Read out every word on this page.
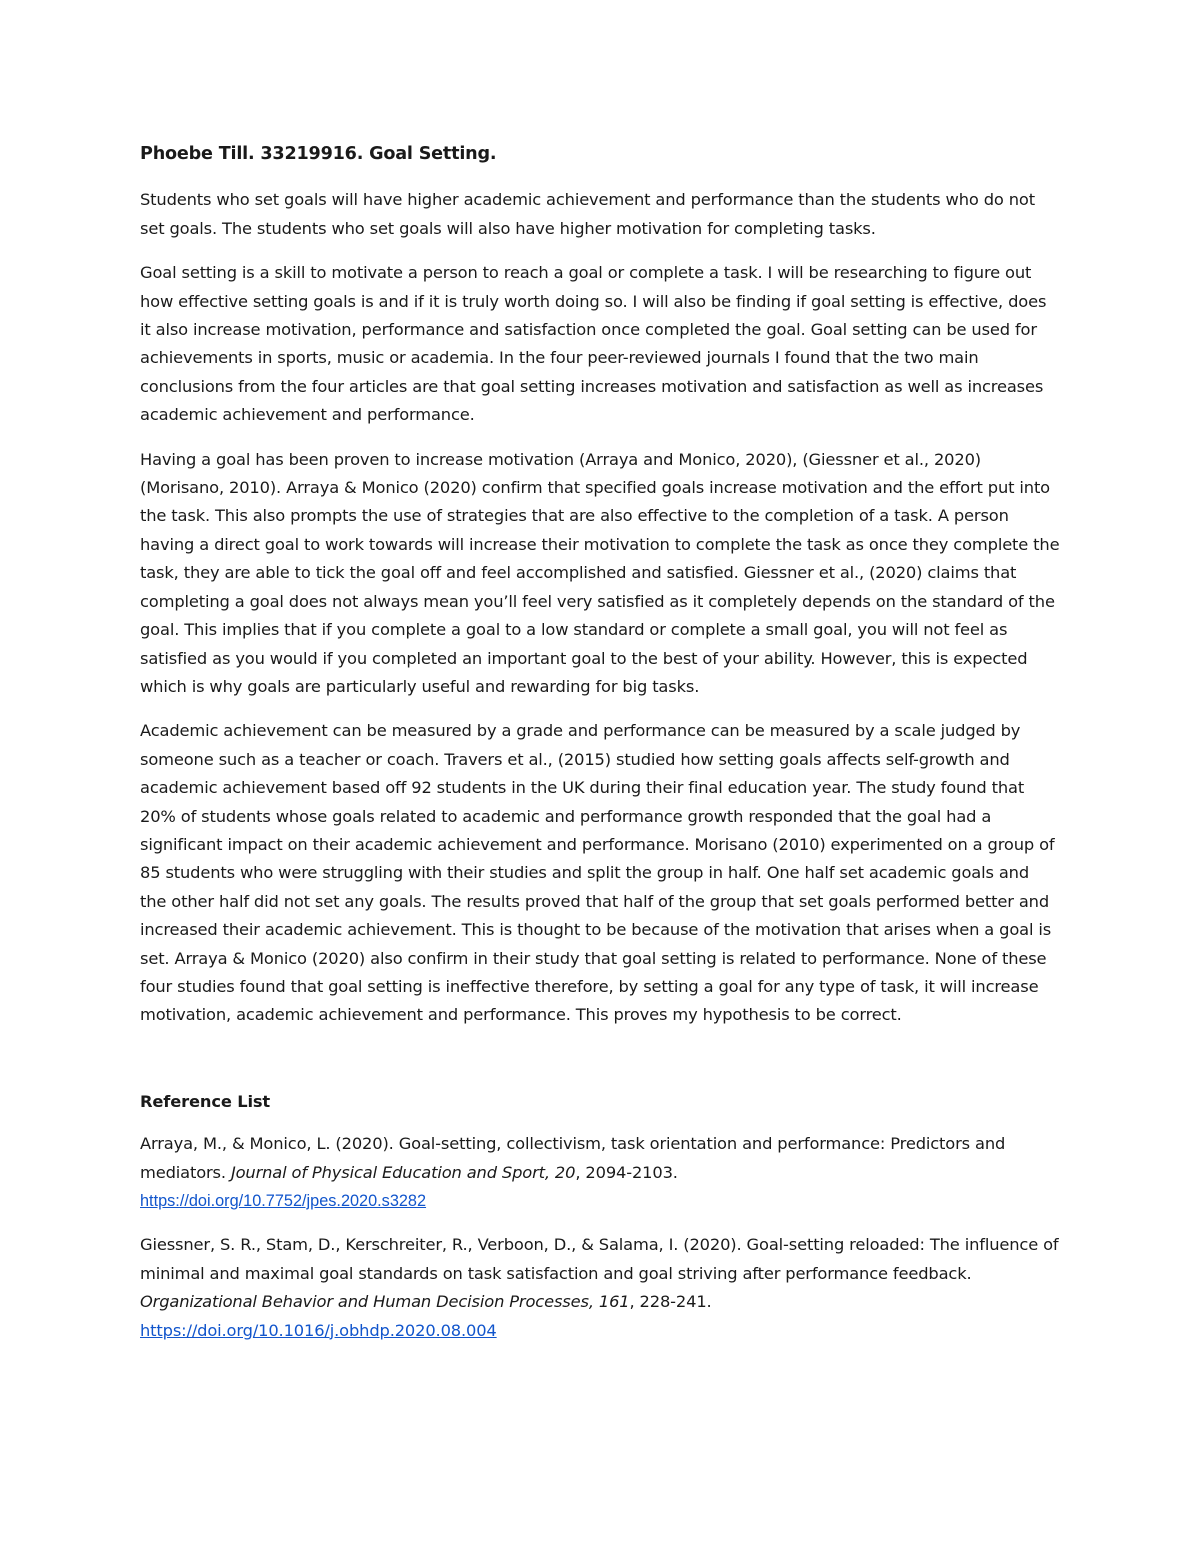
Phoebe Till. 33219916. Goal Setting.

Students who set goals will have higher academic achievement and performance than the students who do not set goals. The students who set goals will also have higher motivation for completing tasks.

Goal setting is a skill to motivate a person to reach a goal or complete a task. I will be researching to figure out how effective setting goals is and if it is truly worth doing so. I will also be finding if goal setting is effective, does it also increase motivation, performance and satisfaction once completed the goal. Goal setting can be used for achievements in sports, music or academia. In the four peer-reviewed journals I found that the two main conclusions from the four articles are that goal setting increases motivation and satisfaction as well as increases academic achievement and performance.

Having a goal has been proven to increase motivation (Arraya and Monico, 2020), (Giessner et al., 2020) (Morisano, 2010). Arraya & Monico (2020) confirm that specified goals increase motivation and the effort put into the task. This also prompts the use of strategies that are also effective to the completion of a task. A person having a direct goal to work towards will increase their motivation to complete the task as once they complete the task, they are able to tick the goal off and feel accomplished and satisfied. Giessner et al., (2020) claims that completing a goal does not always mean you’ll feel very satisfied as it completely depends on the standard of the goal. This implies that if you complete a goal to a low standard or complete a small goal, you will not feel as satisfied as you would if you completed an important goal to the best of your ability. However, this is expected which is why goals are particularly useful and rewarding for big tasks.

Academic achievement can be measured by a grade and performance can be measured by a scale judged by someone such as a teacher or coach. Travers et al., (2015) studied how setting goals affects self-growth and academic achievement based off 92 students in the UK during their final education year. The study found that 20% of students whose goals related to academic and performance growth responded that the goal had a significant impact on their academic achievement and performance. Morisano (2010) experimented on a group of 85 students who were struggling with their studies and split the group in half. One half set academic goals and the other half did not set any goals. The results proved that half of the group that set goals performed better and increased their academic achievement. This is thought to be because of the motivation that arises when a goal is set. Arraya & Monico (2020) also confirm in their study that goal setting is related to performance. None of these four studies found that goal setting is ineffective therefore, by setting a goal for any type of task, it will increase motivation, academic achievement and performance. This proves my hypothesis to be correct.

Reference List
Arraya, M., & Monico, L. (2020). Goal-setting, collectivism, task orientation and performance: Predictors and mediators. Journal of Physical Education and Sport, 20, 2094-2103.
https://doi.org/10.7752/jpes.2020.s3282
Giessner, S. R., Stam, D., Kerschreiter, R., Verboon, D., & Salama, I. (2020). Goal-setting reloaded: The influence of minimal and maximal goal standards on task satisfaction and goal striving after performance feedback. Organizational Behavior and Human Decision Processes, 161, 228-241.
https://doi.org/10.1016/j.obhdp.2020.08.004
